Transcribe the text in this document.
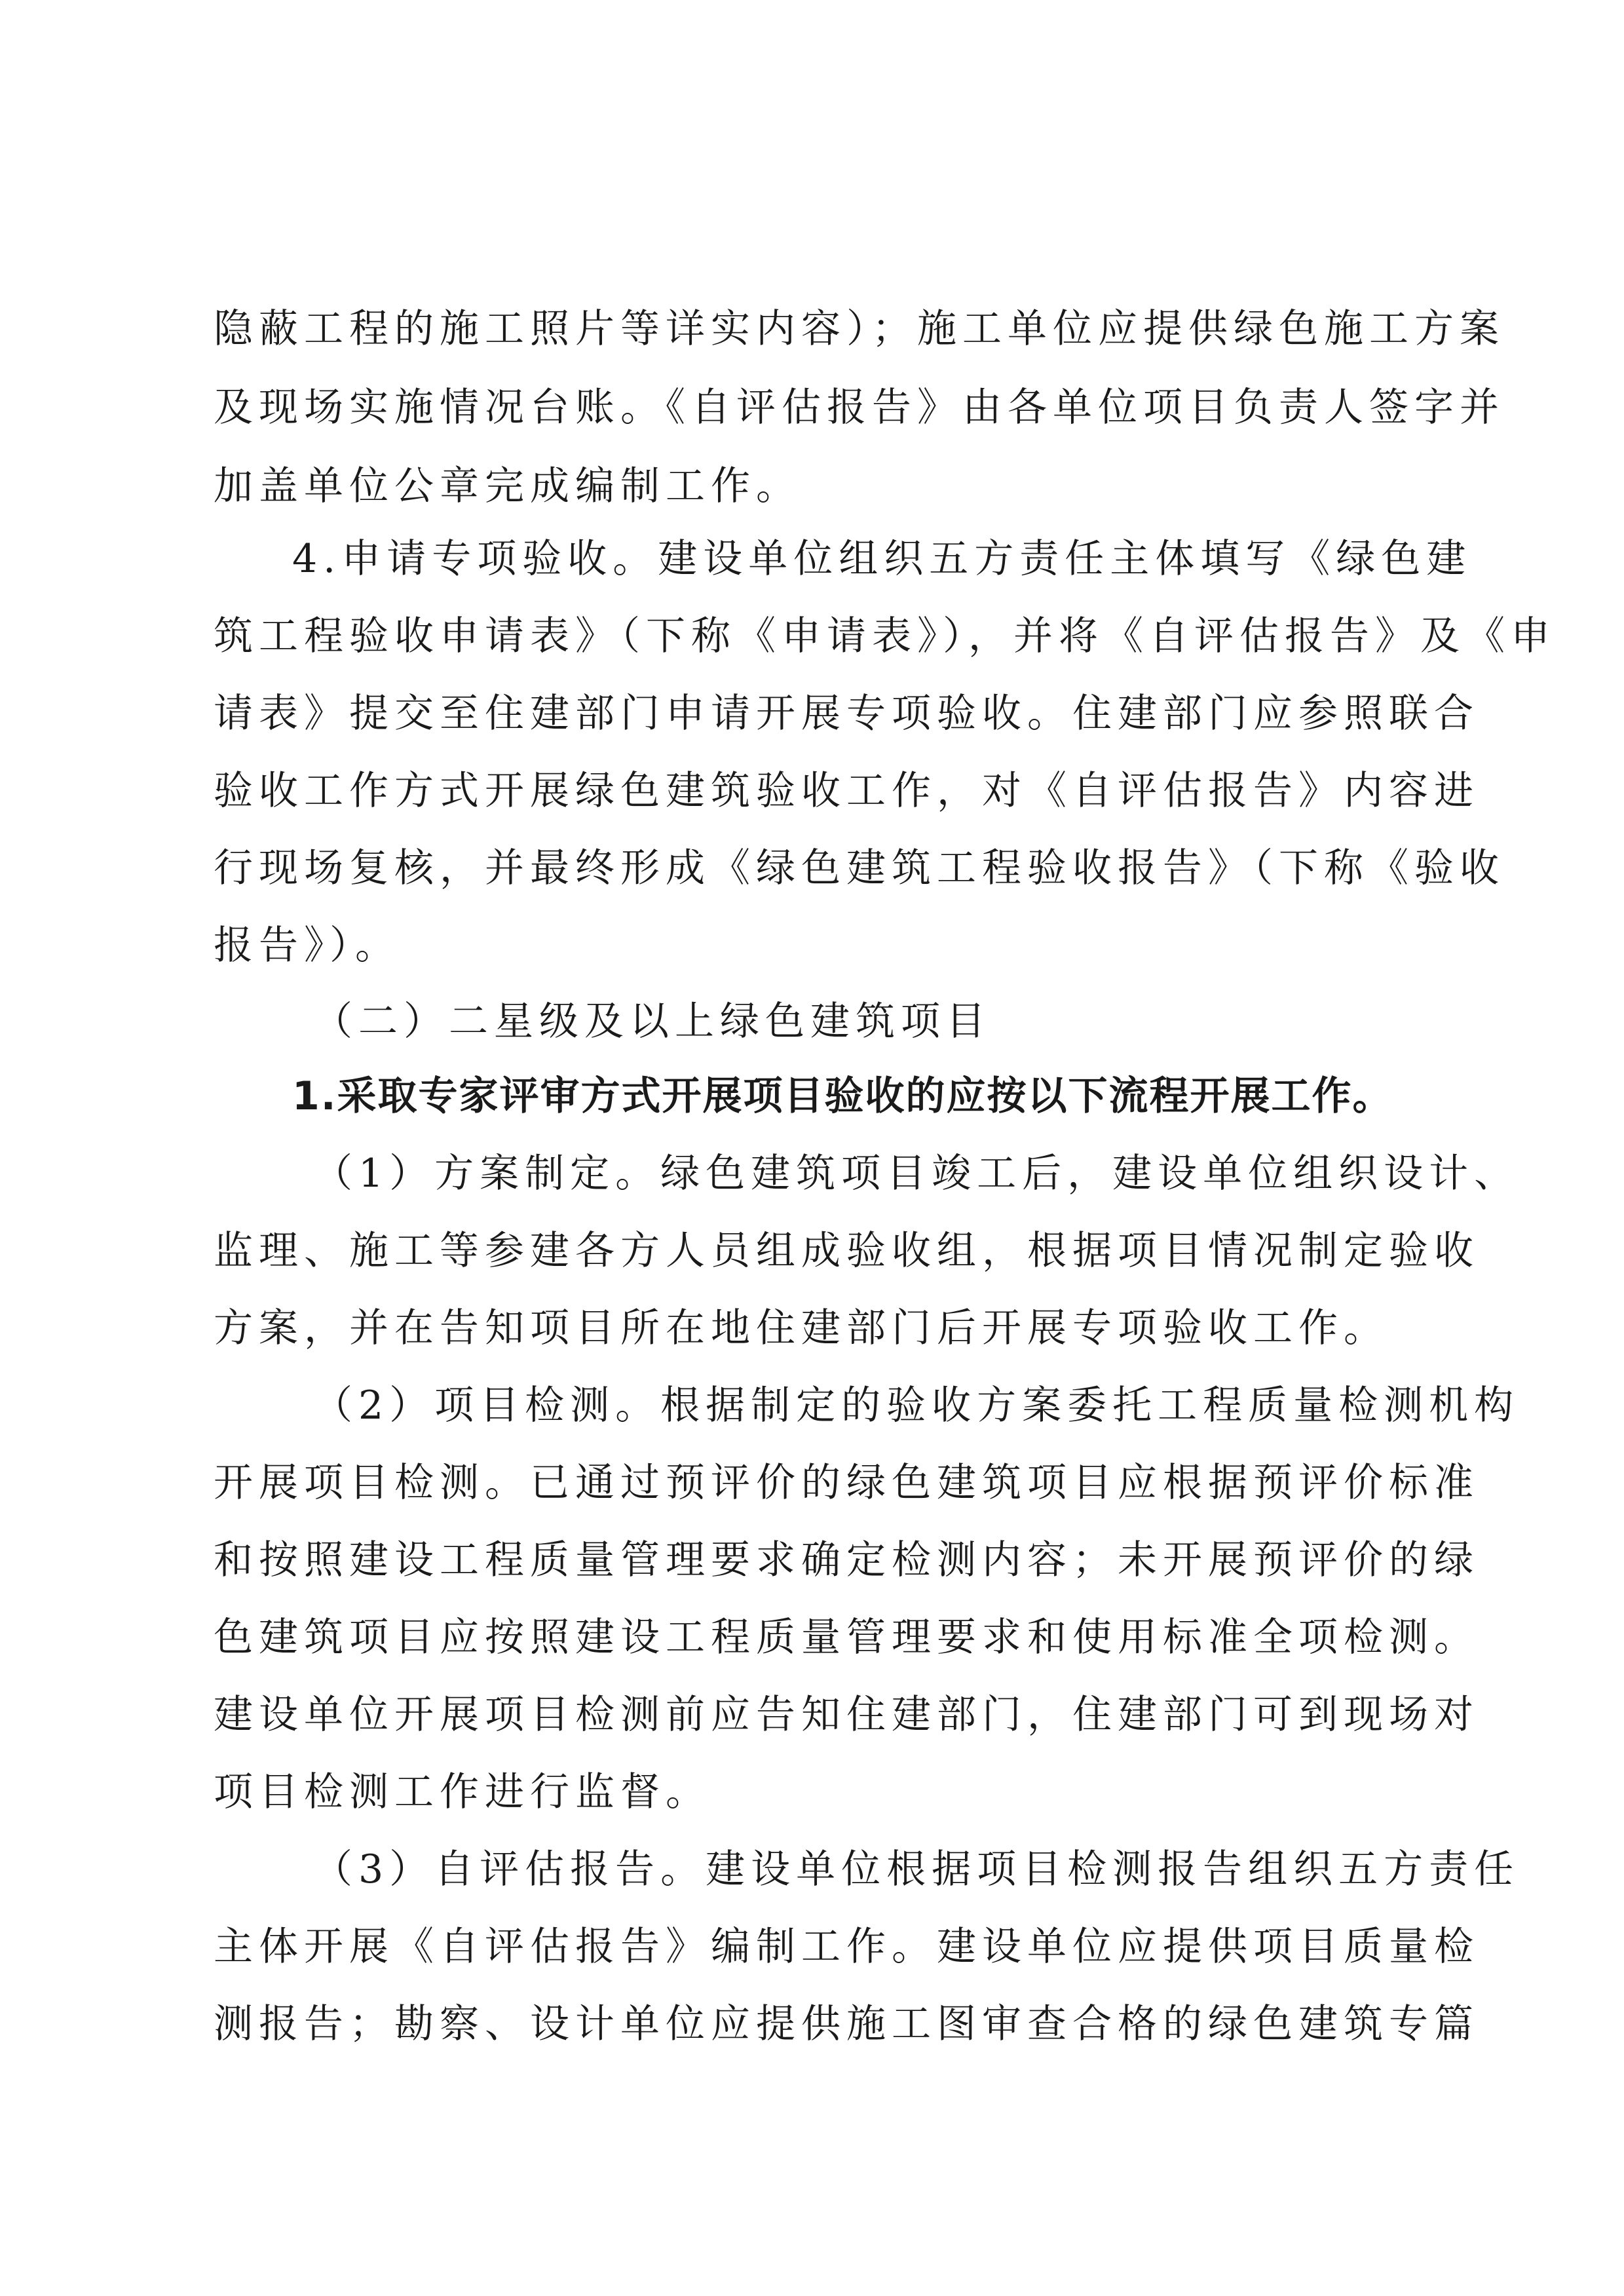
隐蔽工程的施工照片等详实内容）；施工单位应提供绿色施工方案
及现场实施情况台账。《自评估报告》由各单位项目负责人签字并
加盖单位公章完成编制工作。
4.申请专项验收。建设单位组织五方责任主体填写《绿色建
筑工程验收申请表》（下称《申请表》），并将《自评估报告》及《申
请表》提交至住建部门申请开展专项验收。住建部门应参照联合
验收工作方式开展绿色建筑验收工作，对《自评估报告》内容进
行现场复核，并最终形成《绿色建筑工程验收报告》（下称《验收
报告》）。
（二）二星级及以上绿色建筑项目
1.采取专家评审方式开展项目验收的应按以下流程开展工作。
（1）方案制定。绿色建筑项目竣工后，建设单位组织设计、
监理、施工等参建各方人员组成验收组，根据项目情况制定验收
方案，并在告知项目所在地住建部门后开展专项验收工作。
（2）项目检测。根据制定的验收方案委托工程质量检测机构
开展项目检测。已通过预评价的绿色建筑项目应根据预评价标准
和按照建设工程质量管理要求确定检测内容；未开展预评价的绿
色建筑项目应按照建设工程质量管理要求和使用标准全项检测。
建设单位开展项目检测前应告知住建部门，住建部门可到现场对
项目检测工作进行监督。
（3）自评估报告。建设单位根据项目检测报告组织五方责任
主体开展《自评估报告》编制工作。建设单位应提供项目质量检
测报告；勘察、设计单位应提供施工图审查合格的绿色建筑专篇
